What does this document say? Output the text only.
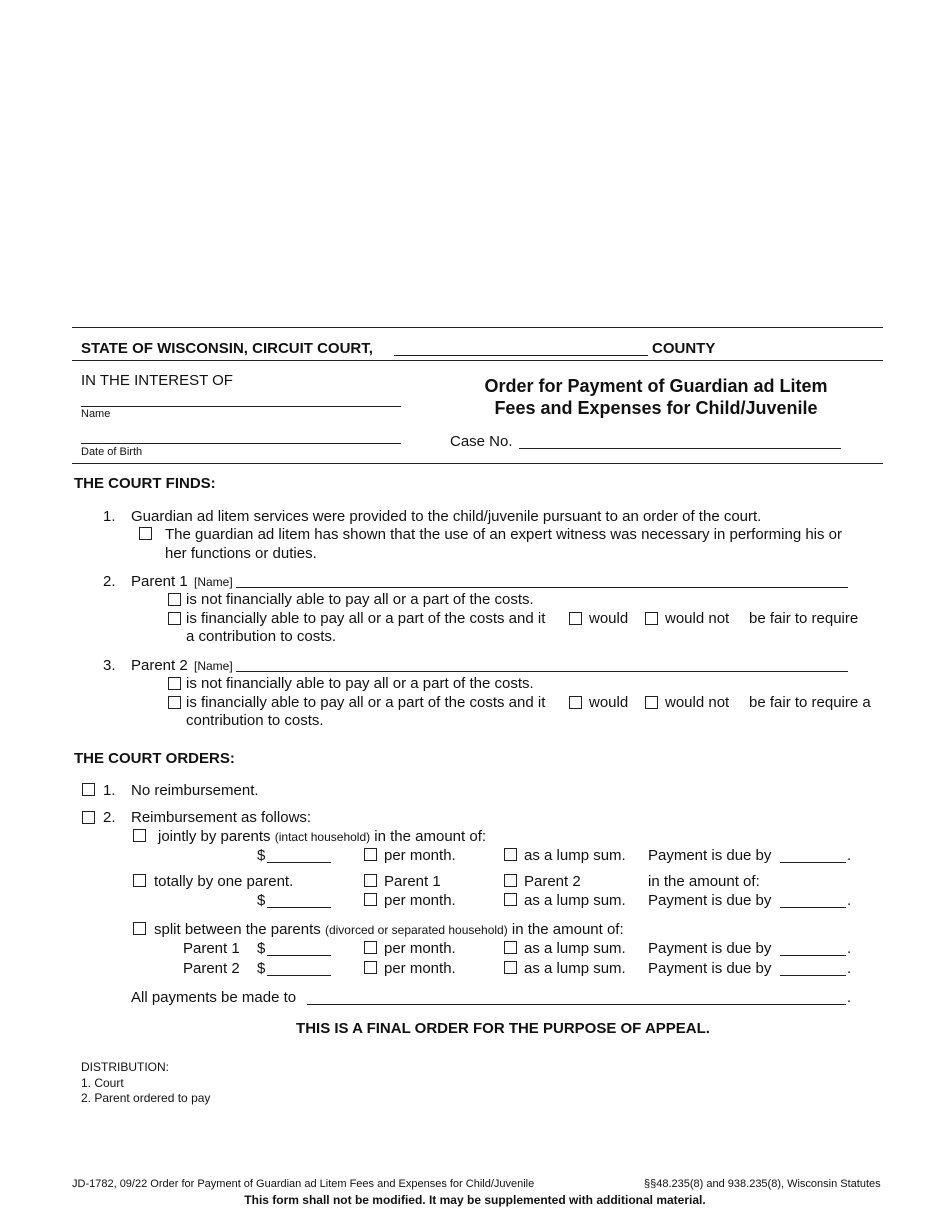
STATE OF WISCONSIN, CIRCUIT COURT,	COUNTY
IN THE INTEREST OF
Name
Date of Birth
Order for Payment of Guardian ad Litem
Fees and Expenses for Child/Juvenile
Case No.
THE COURT FINDS:
1. Guardian ad litem services were provided to the child/juvenile pursuant to an order of the court.
The guardian ad litem has shown that the use of an expert witness was necessary in performing his or
her functions or duties.
2. Parent 1 [Name]
is not financially able to pay all or a part of the costs.
is financially able to pay all or a part of the costs and it	would would not be fair to require
a contribution to costs.
3. Parent 2 [Name]
is not financially able to pay all or a part of the costs.
is financially able to pay all or a part of the costs and it	would would not be fair to require a
contribution to costs.
THE COURT ORDERS:
1. No reimbursement.
2. Reimbursement as follows:
jointly by parents (intact household) in the amount of:
$	per month.	as a lump sum. Payment is due by	.
totally by one parent.	Parent 1	Parent 2	in the amount of:
$	per month.	as a lump sum. Payment is due by	.
split between the parents (divorced or separated household) in the amount of:
Parent 1 $	per month.	as a lump sum. Payment is due by	.
Parent 2 $	per month.	as a lump sum. Payment is due by	.
All payments be made to	.
THIS IS A FINAL ORDER FOR THE PURPOSE OF APPEAL.
DISTRIBUTION:
1. Court
2. Parent ordered to pay
JD-1782, 09/22 Order for Payment of Guardian ad Litem Fees and Expenses for Child/Juvenile	§§48.235(8) and 938.235(8), Wisconsin Statutes
This form shall not be modified. It may be supplemented with additional material.
